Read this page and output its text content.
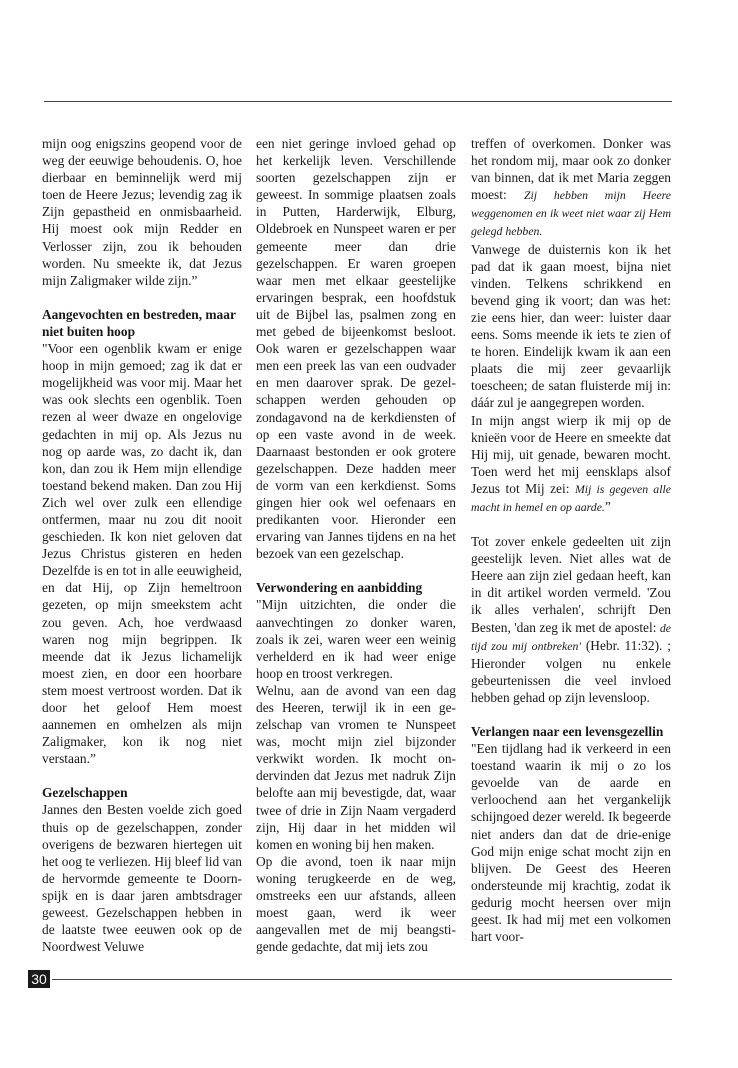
mijn oog enigszins geopend voor de weg der eeuwige behoudenis. O, hoe dierbaar en beminnelijk werd mij toen de Heere Jezus; levendig zag ik Zijn gepastheid en onmisbaarheid. Hij moest ook mijn Redder en Verlosser zijn, zou ik behouden worden. Nu smeekte ik, dat Jezus mijn Zaligmaker wilde zijn.”

Aangevochten en bestreden, maar niet buiten hoop

"Voor een ogenblik kwam er enige hoop in mijn gemoed; zag ik dat er mogelijkheid was voor mij. Maar het was ook slechts een ogenblik. Toen rezen al weer dwaze en ongelovige gedachten in mij op. Als Jezus nu nog op aarde was, zo dacht ik, dan kon, dan zou ik Hem mijn ellendige toestand bekend maken. Dan zou Hij Zich wel over zulk een ellendige ontfermen, maar nu zou dit nooit geschieden. Ik kon niet geloven dat Jezus Christus gisteren en heden Dezelfde is en tot in alle eeuwigheid, en dat Hij, op Zijn hemeltroon gezeten, op mijn smeekstem acht zou geven. Ach, hoe verdwaasd waren nog mijn begrippen. Ik meende dat ik Jezus lichamelijk moest zien, en door een hoorbare stem moest vertroost worden. Dat ik door het geloof Hem moest aannemen en omhelzen als mijn Zaligmaker, kon ik nog niet verstaan.”

Gezelschappen

Jannes den Besten voelde zich goed thuis op de gezelschappen, zonder overigens de bezwaren hiertegen uit het oog te verliezen. Hij bleef lid van de hervormde gemeente te Doornspijk en is daar jaren ambtsdrager geweest. Gezelschappen hebben in de laatste twee eeuwen ook op de Noordwest Veluwe

een niet geringe invloed gehad op het kerkelijk leven. Verschillende soorten gezelschappen zijn er geweest. In sommige plaatsen zoals in Putten, Harderwijk, Elburg, Oldebroek en Nunspeet waren er per gemeente meer dan drie gezelschappen. Er waren groepen waar men met elkaar geestelijke ervaringen besprak, een hoofdstuk uit de Bijbel las, psalmen zong en met gebed de bijeenkomst besloot. Ook waren er gezelschappen waar men een preek las van een oudvader en men daarover sprak. De gezelschappen werden gehouden op zondagavond na de kerkdiensten of op een vaste avond in de week. Daarnaast bestonden er ook grotere gezelschappen. Deze hadden meer de vorm van een kerkdienst. Soms gingen hier ook wel oefenaars en predikanten voor. Hieronder een ervaring van Jannes tijdens en na het bezoek van een gezelschap.

Verwondering en aanbidding

"Mijn uitzichten, die onder die aanvechtingen zo donker waren, zoals ik zei, waren weer een weinig verhelderd en ik had weer enige hoop en troost verkregen.

Welnu, aan de avond van een dag des Heeren, terwijl ik in een gezelschap van vromen te Nunspeet was, mocht mijn ziel bijzonder verkwikt worden. Ik mocht ondervinden dat Jezus met nadruk Zijn belofte aan mij bevestigde, dat, waar twee of drie in Zijn Naam vergaderd zijn, Hij daar in het midden wil komen en woning bij hen maken.

Op die avond, toen ik naar mijn woning terugkeerde en de weg, omstreeks een uur afstands, alleen moest gaan, werd ik weer aangevallen met de mij beangstigende gedachte, dat mij iets zou

treffen of overkomen. Donker was het rondom mij, maar ook zo donker van binnen, dat ik met Maria zeggen moest: Zij hebben mijn Heere weggenomen en ik weet niet waar zij Hem gelegd hebben.

Vanwege de duisternis kon ik het pad dat ik gaan moest, bijna niet vinden. Telkens schrikkend en bevend ging ik voort; dan was het: zie eens hier, dan weer: luister daar eens. Soms meende ik iets te zien of te horen. Eindelijk kwam ik aan een plaats die mij zeer gevaarlijk toescheen; de satan fluisterde mij in: dáár zul je aangegrepen worden.

In mijn angst wierp ik mij op de knieën voor de Heere en smeekte dat Hij mij, uit genade, bewaren mocht. Toen werd het mij eensklaps alsof Jezus tot Mij zei: Mij is gegeven alle macht in hemel en op aarde.”

Tot zover enkele gedeelten uit zijn geestelijk leven. Niet alles wat de Heere aan zijn ziel gedaan heeft, kan in dit artikel worden vermeld. 'Zou ik alles verhalen', schrijft Den Besten, 'dan zeg ik met de apostel: de tijd zou mij ontbreken' (Hebr. 11:32). ; Hieronder volgen nu enkele gebeurtenissen die veel invloed hebben gehad op zijn levensloop.

Verlangen naar een levensgezellin

"Een tijdlang had ik verkeerd in een toestand waarin ik mij o zo los gevoelde van de aarde en verloochend aan het vergankelijk schijngoed dezer wereld. Ik begeerde niet anders dan dat de drie-enige God mijn enige schat mocht zijn en blijven. De Geest des Heeren ondersteunde mij krachtig, zodat ik gedurig mocht heersen over mijn geest. Ik had mij met een volkomen hart voor-

30
